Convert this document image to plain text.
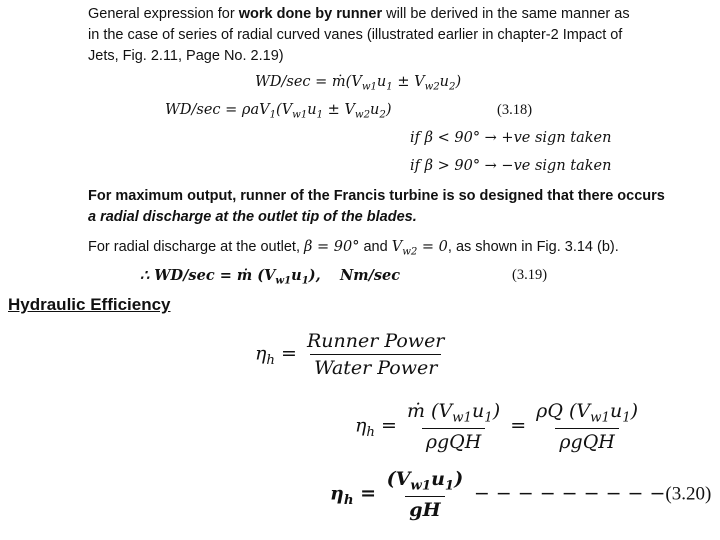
General expression for work done by runner will be derived in the same manner as
in the case of series of radial curved vanes (illustrated earlier in chapter-2 Impact of
Jets, Fig. 2.11, Page No. 2.19)
$WD/\sec = ṁ(V_{w1}u_1 \pm V_{w2}u_2)$
$WD/\sec = \rho aV_1(V_{w1}u_1 \pm V_{w2}u_2)$	(3.18)
if β < 90° → +ve sign taken
if β > 90° → −ve sign taken
For maximum output, runner of the Francis turbine is so designed that there occurs
a radial discharge at the outlet tip of the blades.
For radial discharge at the outlet, β = 90° and $V_{w2} = 0$, as shown in Fig. 3.14 (b).
∴ WD/sec = ṁ $(V_{w1}u_1)$, Nm/sec	(3.19)
Hydraulic Efficiency
$\eta_h = \frac{\text{Runner Power}}{\text{Water Power}}$
$\eta_h = \frac{ṁ (V_{w1}u_1)}{\text{ρgQH}} = \frac{\rho Q (V_{w1}u_1)}{\text{ρgQH}}$
$\eta_h = \frac{(V_{w1}u_1)}{gH}$ − − − − − − − − −(3.20)
